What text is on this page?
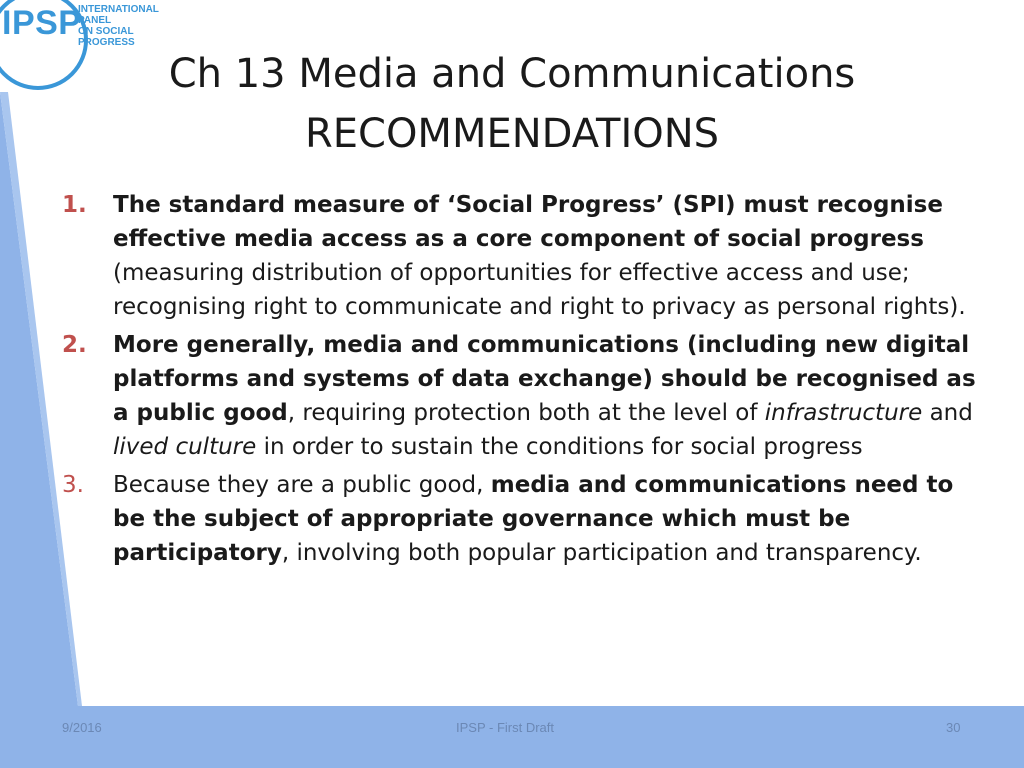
IPSP
INTERNATIONAL PANEL
ON SOCIAL PROGRESS
Ch 13 Media and Communications
RECOMMENDATIONS
1. The standard measure of ‘Social Progress’ (SPI) must recognise effective media access as a core component of social progress (measuring distribution of opportunities for effective access and use; recognising right to communicate and right to privacy as personal rights).
2. More generally, media and communications (including new digital platforms and systems of data exchange) should be recognised as a public good, requiring protection both at the level of infrastructure and lived culture in order to sustain the conditions for social progress
3. Because they are a public good, media and communications need to be the subject of appropriate governance which must be participatory, involving both popular participation and transparency.
9/2016	IPSP - First Draft	30
